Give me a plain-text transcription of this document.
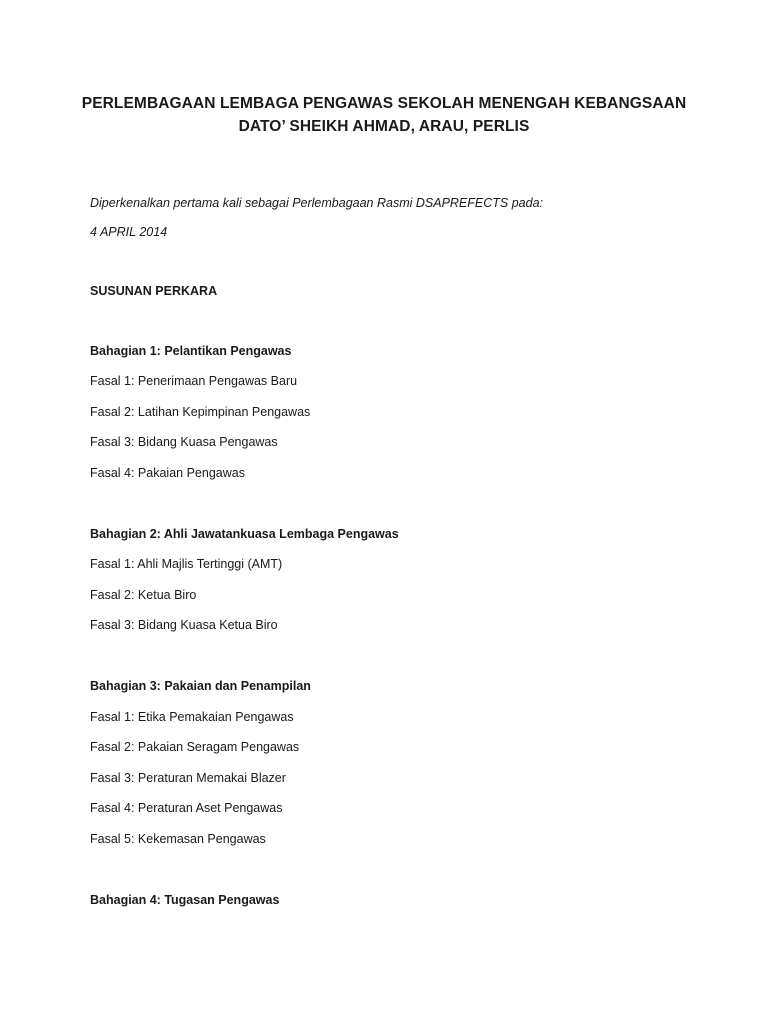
PERLEMBAGAAN LEMBAGA PENGAWAS SEKOLAH MENENGAH KEBANGSAAN
DATO’ SHEIKH AHMAD, ARAU, PERLIS
Diperkenalkan pertama kali sebagai Perlembagaan Rasmi DSAPREFECTS pada:
4 APRIL 2014
SUSUNAN PERKARA
Bahagian 1: Pelantikan Pengawas
Fasal 1: Penerimaan Pengawas Baru
Fasal 2: Latihan Kepimpinan Pengawas
Fasal 3: Bidang Kuasa Pengawas
Fasal 4: Pakaian Pengawas
Bahagian 2: Ahli Jawatankuasa Lembaga Pengawas
Fasal 1: Ahli Majlis Tertinggi (AMT)
Fasal 2: Ketua Biro
Fasal 3: Bidang Kuasa Ketua Biro
Bahagian 3: Pakaian dan Penampilan
Fasal 1: Etika Pemakaian Pengawas
Fasal 2: Pakaian Seragam Pengawas
Fasal 3: Peraturan Memakai Blazer
Fasal 4: Peraturan Aset Pengawas
Fasal 5: Kekemasan Pengawas
Bahagian 4: Tugasan Pengawas
